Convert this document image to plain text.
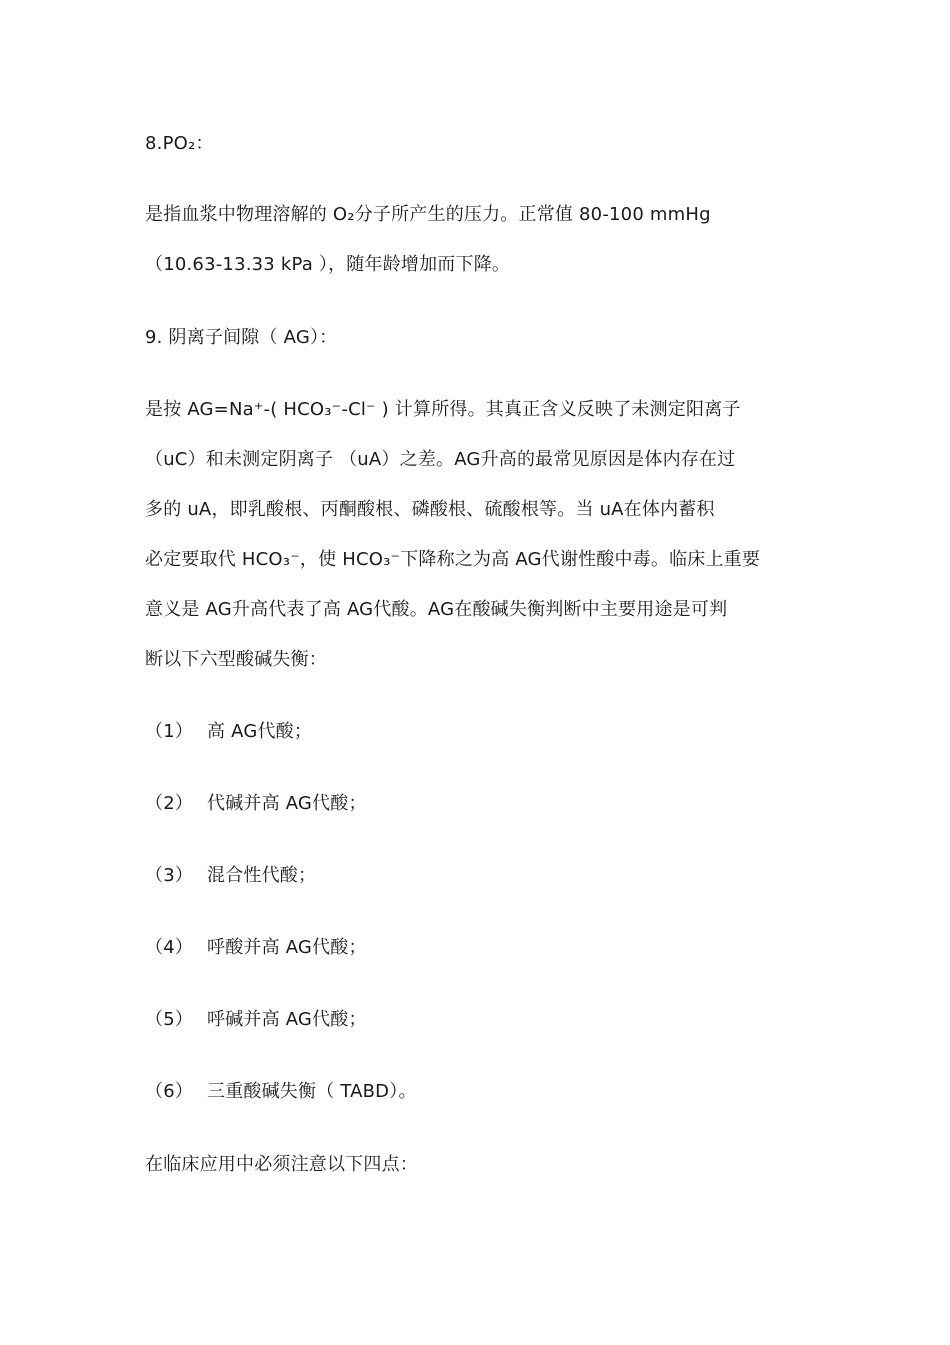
8.PO₂：
是指血浆中物理溶解的 O₂分子所产生的压力。正常值 80-100 mmHg
（10.63-13.33 kPa ），随年龄增加而下降。
9. 阴离子间隙（ AG）：
是按 AG=Na⁺-( HCO₃⁻-Cl⁻ ) 计算所得。其真正含义反映了未测定阳离子
（uC）和未测定阴离子 （uA）之差。AG升高的最常见原因是体内存在过
多的 uA，即乳酸根、丙酮酸根、磷酸根、硫酸根等。当 uA在体内蓄积
必定要取代 HCO₃⁻，使 HCO₃⁻下降称之为高 AG代谢性酸中毒。临床上重要
意义是 AG升高代表了高 AG代酸。AG在酸碱失衡判断中主要用途是可判
断以下六型酸碱失衡：
（1） 高 AG代酸；
（2） 代碱并高 AG代酸；
（3） 混合性代酸；
（4） 呼酸并高 AG代酸；
（5） 呼碱并高 AG代酸；
（6） 三重酸碱失衡（ TABD）。
在临床应用中必须注意以下四点：
